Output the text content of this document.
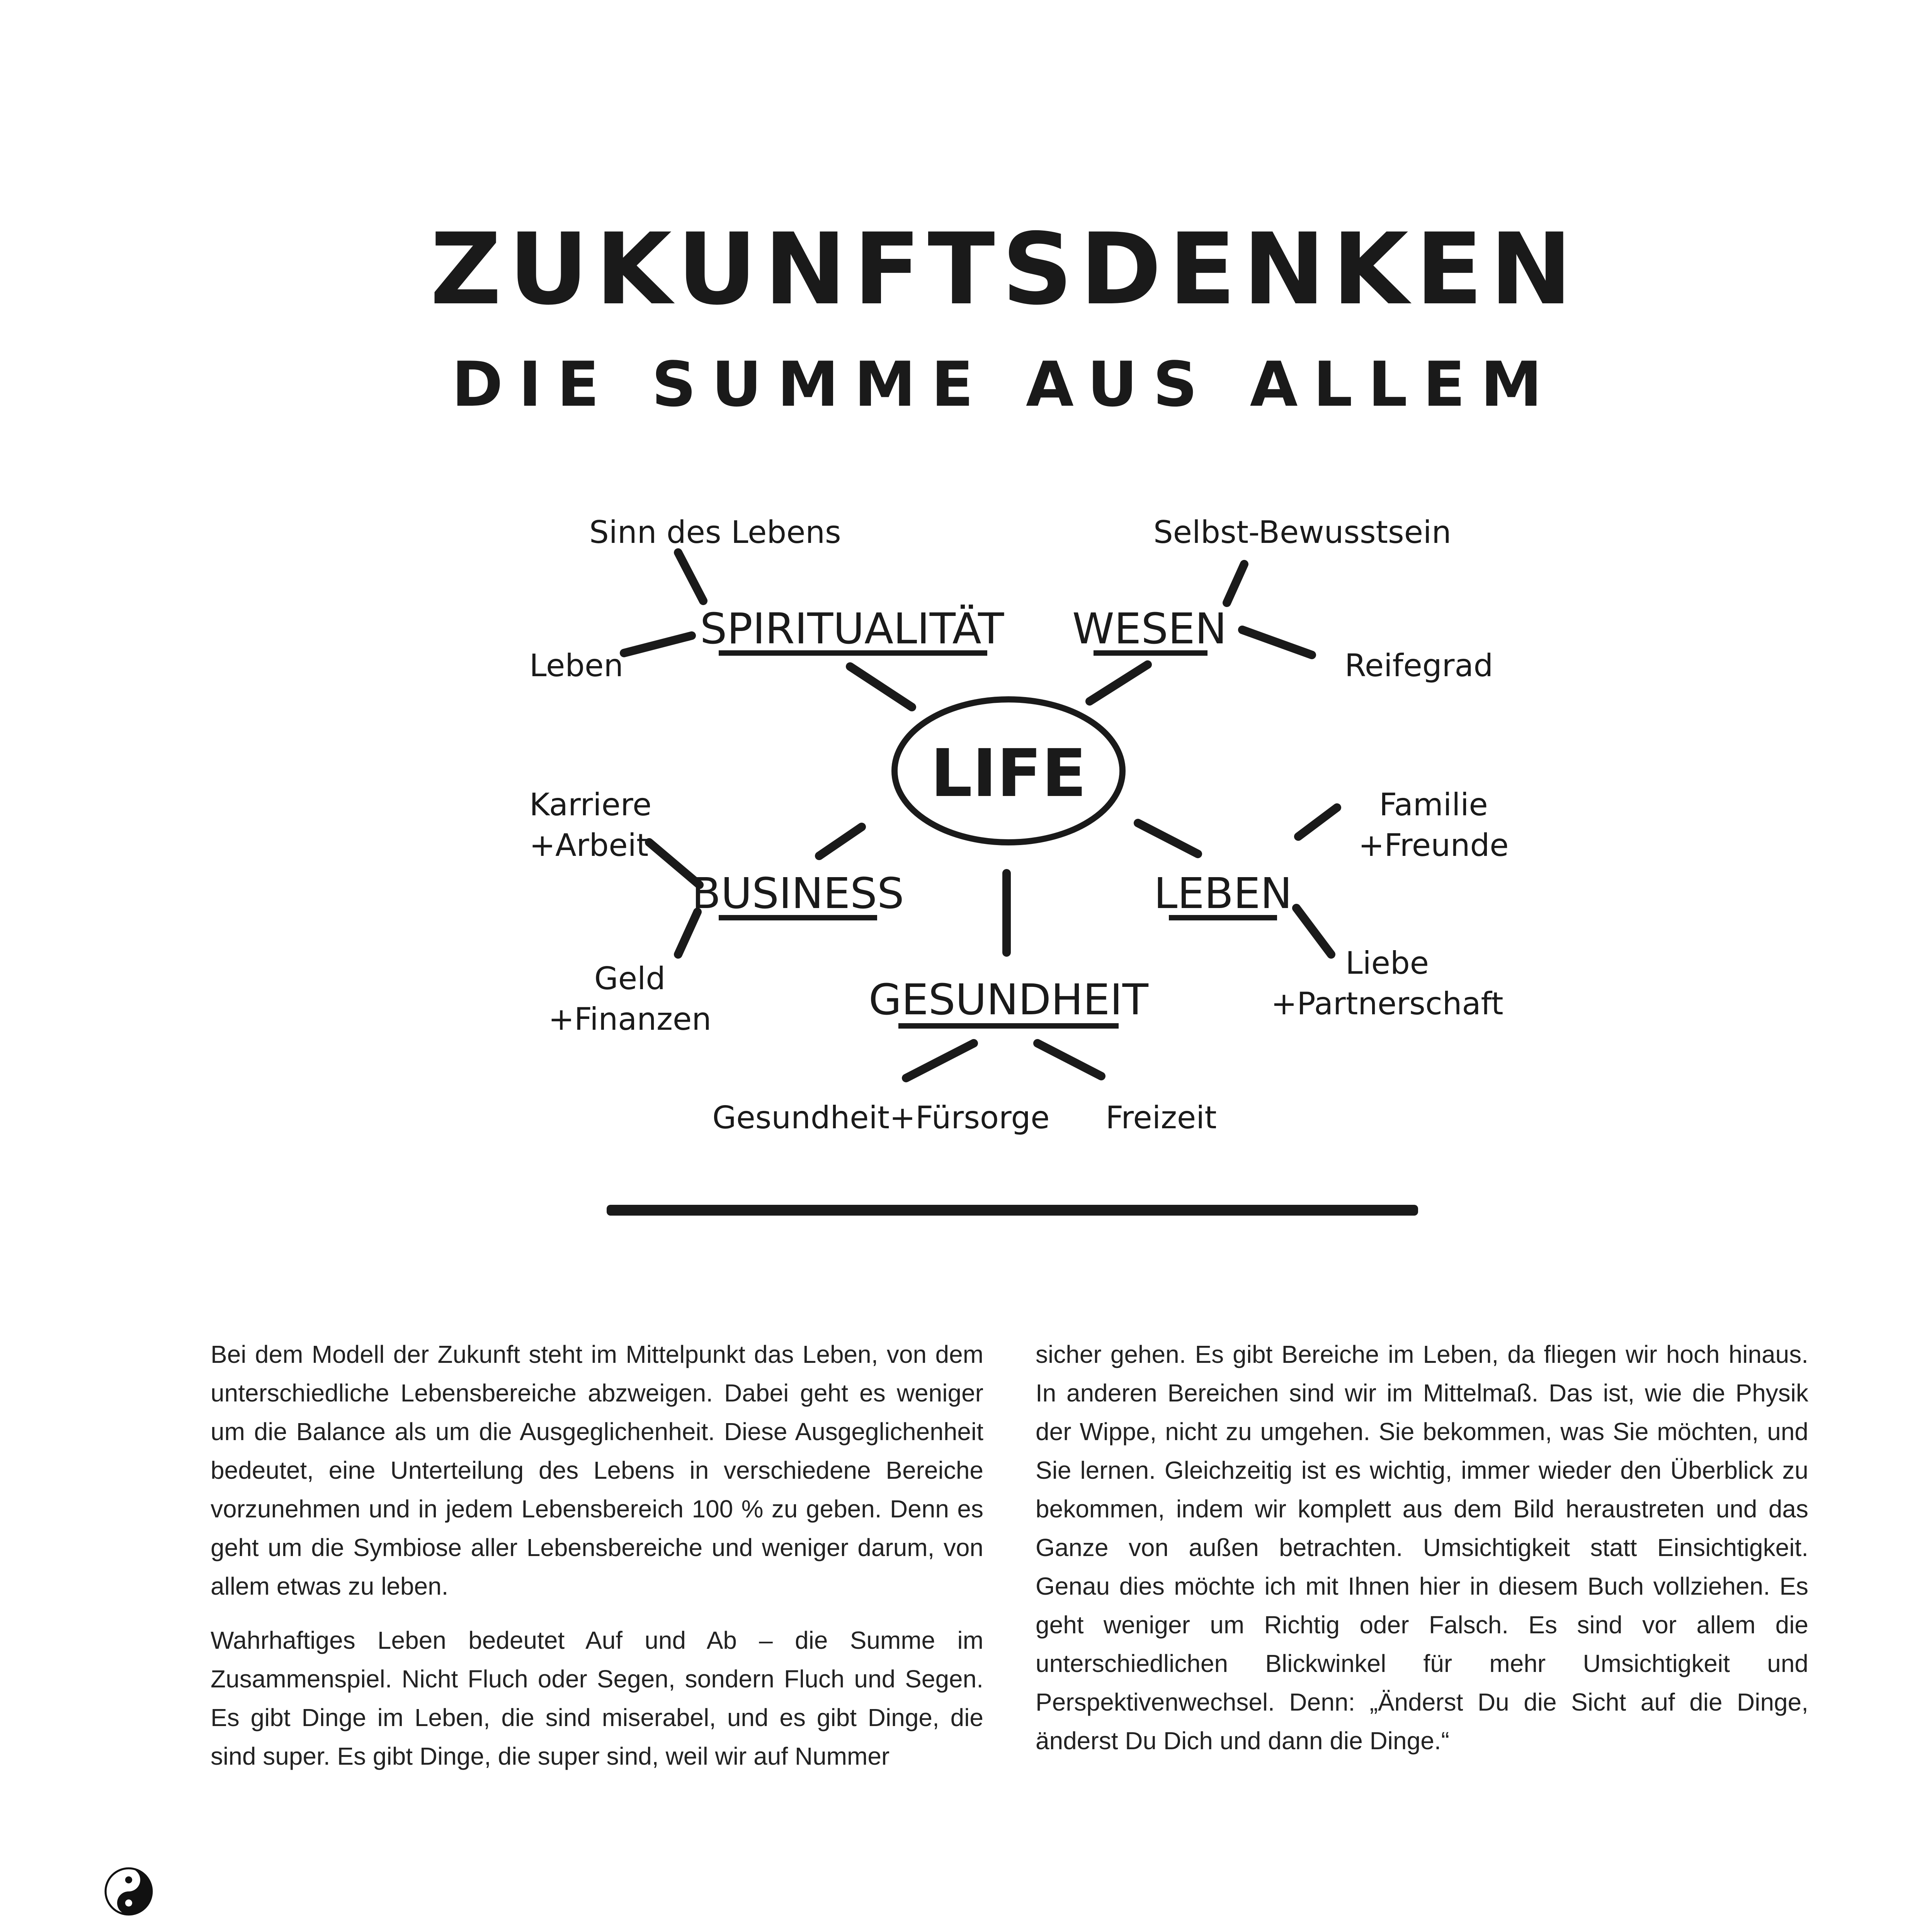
ZUKUNFTSDENKEN
DIE SUMME AUS ALLEM
LIFE
SPIRITUALITÄT WESEN
BUSINESS	LEBEN
GESUNDHEIT
Sinn des Lebens
Leben
Selbst-Bewusstsein
Reifegrad
Karriere
+Arbeit
Geld
+Finanzen
Familie
+Freunde
Liebe
+Partnerschaft
Gesundheit+Fürsorge Freizeit

Bei dem Modell der Zukunft steht im Mittelpunkt das Leben, von dem unterschiedliche Lebensbereiche abzweigen. Dabei geht es weniger um die Balance als um die Ausgeglichenheit. Diese Ausgeglichenheit bedeutet, eine Unterteilung des Lebens in verschiedene Bereiche vorzunehmen und in jedem Lebensbereich 100 % zu geben. Denn es geht um die Symbiose aller Lebensbereiche und weniger darum, von allem etwas zu leben.

Wahrhaftiges Leben bedeutet Auf und Ab – die Summe im Zusammenspiel. Nicht Fluch oder Segen, sondern Fluch und Segen. Es gibt Dinge im Leben, die sind miserabel, und es gibt Dinge, die sind super. Es gibt Dinge, die super sind, weil wir auf Nummer

sicher gehen. Es gibt Bereiche im Leben, da fliegen wir hoch hinaus. In anderen Bereichen sind wir im Mittelmaß. Das ist, wie die Physik der Wippe, nicht zu umgehen. Sie bekommen, was Sie möchten, und Sie lernen. Gleichzeitig ist es wichtig, immer wieder den Überblick zu bekommen, indem wir komplett aus dem Bild heraustreten und das Ganze von außen betrachten. Umsichtigkeit statt Einsichtigkeit. Genau dies möchte ich mit Ihnen hier in diesem Buch vollziehen. Es geht weniger um Richtig oder Falsch. Es sind vor allem die unterschiedlichen Blickwinkel für mehr Umsichtigkeit und Perspektivenwechsel. Denn: „Änderst Du die Sicht auf die Dinge, änderst Du Dich und dann die Dinge.“
